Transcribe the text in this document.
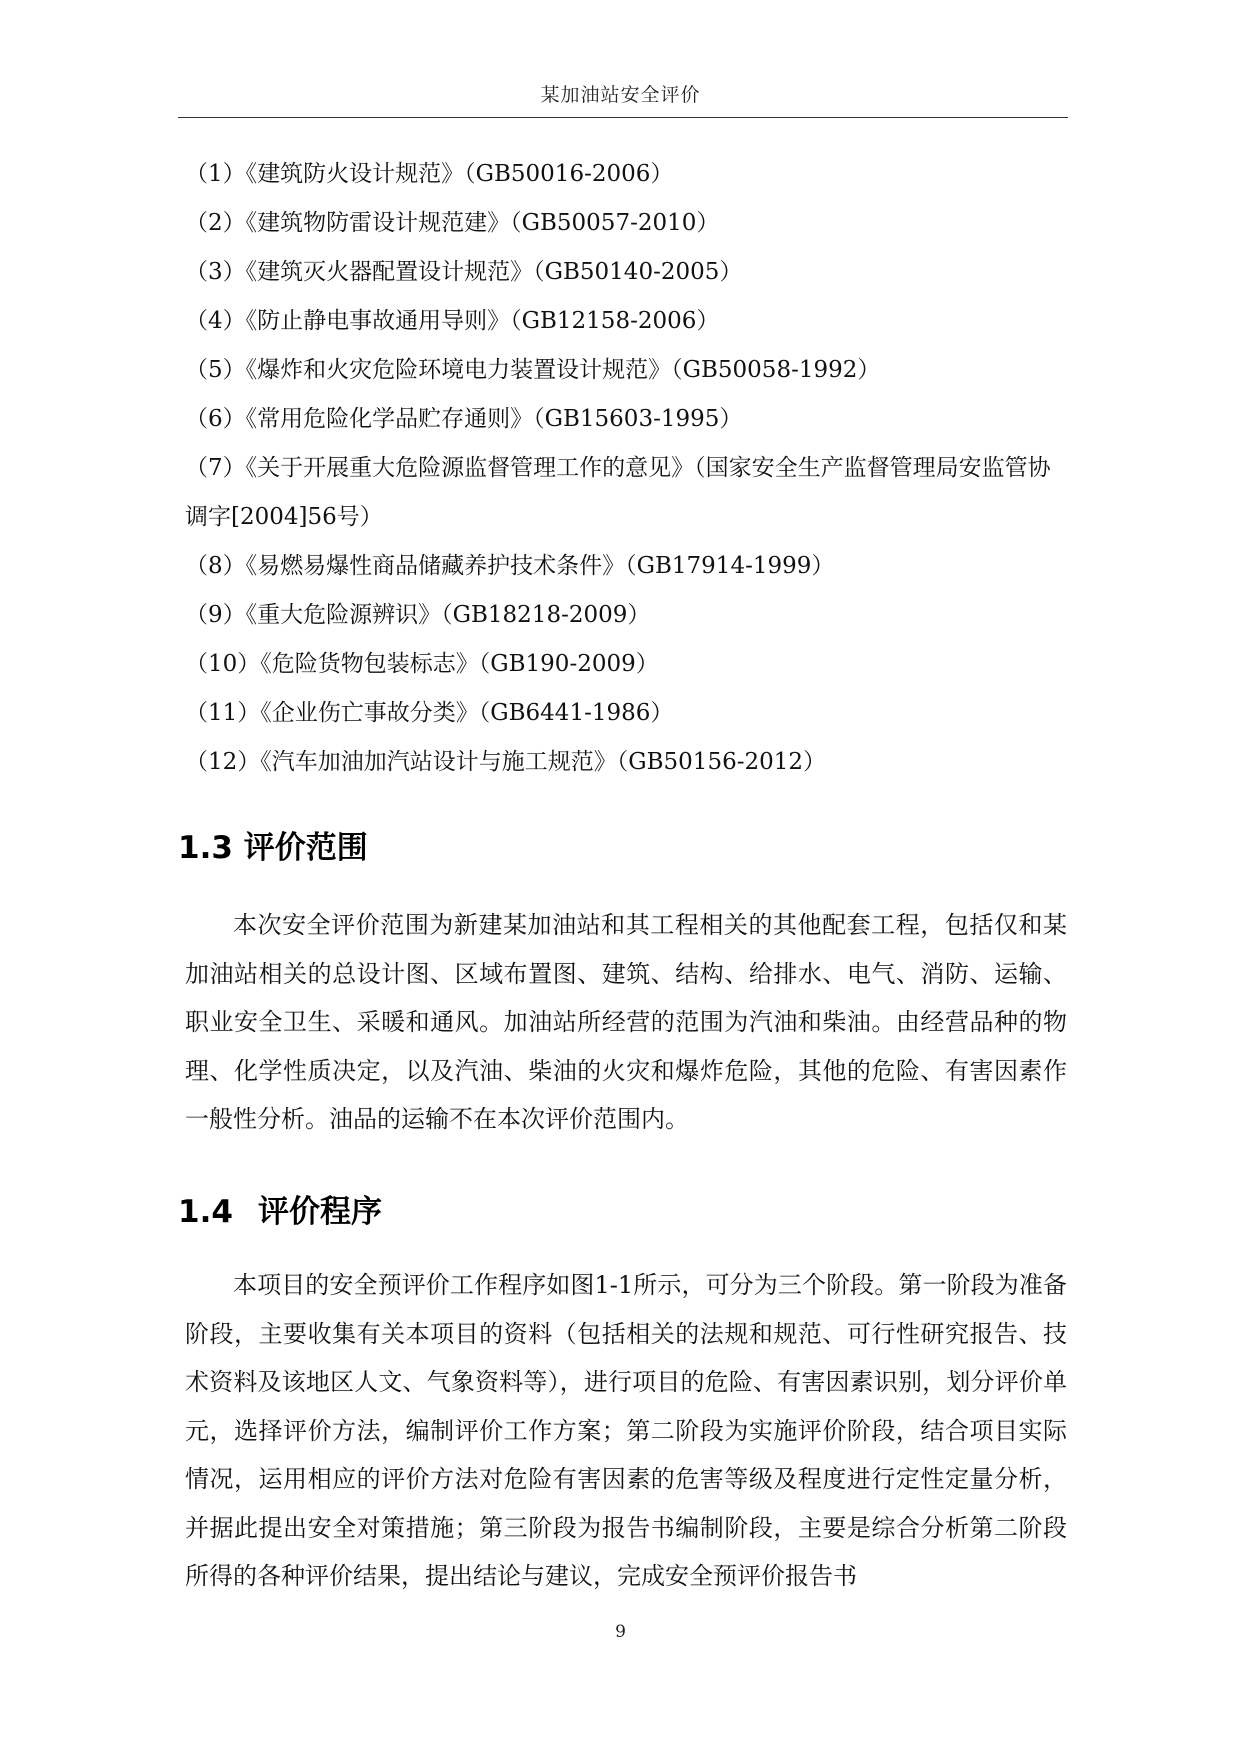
某加油站安全评价
（1）《建筑防火设计规范》（GB50016-2006）
（2）《建筑物防雷设计规范建》（GB50057-2010）
（3）《建筑灭火器配置设计规范》（GB50140-2005）
（4）《防止静电事故通用导则》（GB12158-2006）
（5）《爆炸和火灾危险环境电力装置设计规范》（GB50058-1992）
（6）《常用危险化学品贮存通则》（GB15603-1995）
（7）《关于开展重大危险源监督管理工作的意见》（国家安全生产监督管理局安监管协调字[2004]56号）
（8）《易燃易爆性商品储藏养护技术条件》（GB17914-1999）
（9）《重大危险源辨识》（GB18218-2009）
（10）《危险货物包装标志》（GB190-2009）
（11）《企业伤亡事故分类》（GB6441-1986）
（12）《汽车加油加汽站设计与施工规范》（GB50156-2012）
1.3 评价范围

本次安全评价范围为新建某加油站和其工程相关的其他配套工程，包括仅和某加油站相关的总设计图、区域布置图、建筑、结构、给排水、电气、消防、运输、职业安全卫生、采暖和通风。加油站所经营的范围为汽油和柴油。由经营品种的物理、化学性质决定，以及汽油、柴油的火灾和爆炸危险，其他的危险、有害因素作一般性分析。油品的运输不在本次评价范围内。

1.4 评价程序

本项目的安全预评价工作程序如图1-1所示，可分为三个阶段。第一阶段为准备阶段，主要收集有关本项目的资料（包括相关的法规和规范、可行性研究报告、技术资料及该地区人文、气象资料等），进行项目的危险、有害因素识别，划分评价单元，选择评价方法，编制评价工作方案；第二阶段为实施评价阶段，结合项目实际情况，运用相应的评价方法对危险有害因素的危害等级及程度进行定性定量分析，并据此提出安全对策措施；第三阶段为报告书编制阶段，主要是综合分析第二阶段所得的各种评价结果，提出结论与建议，完成安全预评价报告书

9
